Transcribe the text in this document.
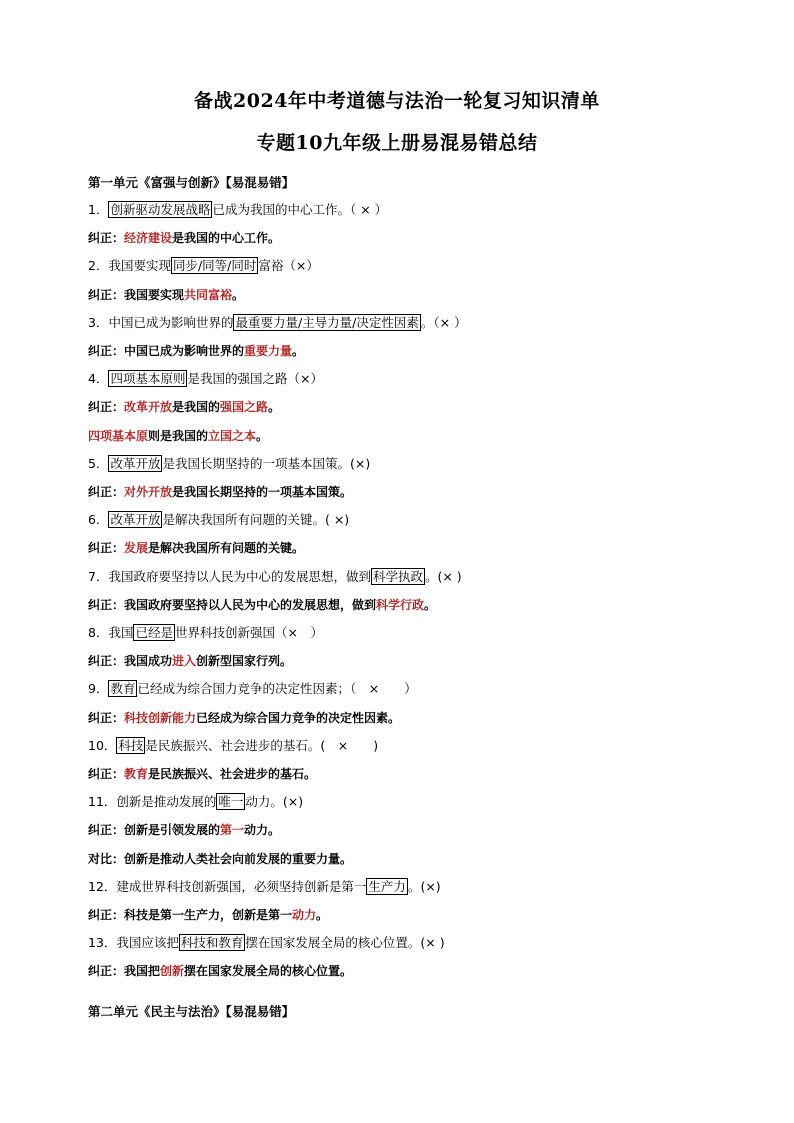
备战2024年中考道德与法治一轮复习知识清单
专题10九年级上册易混易错总结
第一单元《富强与创新》【易混易错】
1． 创新驱动发展战略 已成为我国的中心工作。（ × ）
纠正：经济建设是我国的中心工作。
2．我国要实现 同步/同等/同时 富裕（×）
纠正：我国要实现共同富裕。
3．中国已成为影响世界的 最重要力量/主导力量/决定性因素 。（× ）
纠正：中国已成为影响世界的重要力量。
4． 四项基本原则 是我国的强国之路（×）
纠正：改革开放是我国的强国之路。
四项基本原则是我国的立国之本。
5． 改革开放 是我国长期坚持的一项基本国策。(×)
纠正：对外开放是我国长期坚持的一项基本国策。
6． 改革开放 是解决我国所有问题的关键。( ×)
纠正：发展是解决我国所有问题的关键。
7．我国政府要坚持以人民为中心的发展思想，做到 科学执政 。(× )
纠正：我国政府要坚持以人民为中心的发展思想，做到科学行政。
8．我国 已经是 世界科技创新强国（×　）
纠正：我国成功进入创新型国家行列。
9． 教育 已经成为综合国力竞争的决定性因素；（　×　　）
纠正：科技创新能力已经成为综合国力竞争的决定性因素。
10． 科技 是民族振兴、社会进步的基石。(　×　　)
纠正：教育是民族振兴、社会进步的基石。
11．创新是推动发展的 唯一 动力。(×)
纠正：创新是引领发展的第一动力。
对比：创新是推动人类社会向前发展的重要力量。
12．建成世界科技创新强国，必须坚持创新是第一 生产力 。(×)
纠正：科技是第一生产力，创新是第一动力。
13．我国应该把 科技和教育 摆在国家发展全局的核心位置。(× )
纠正：我国把创新摆在国家发展全局的核心位置。
第二单元《民主与法治》【易混易错】
